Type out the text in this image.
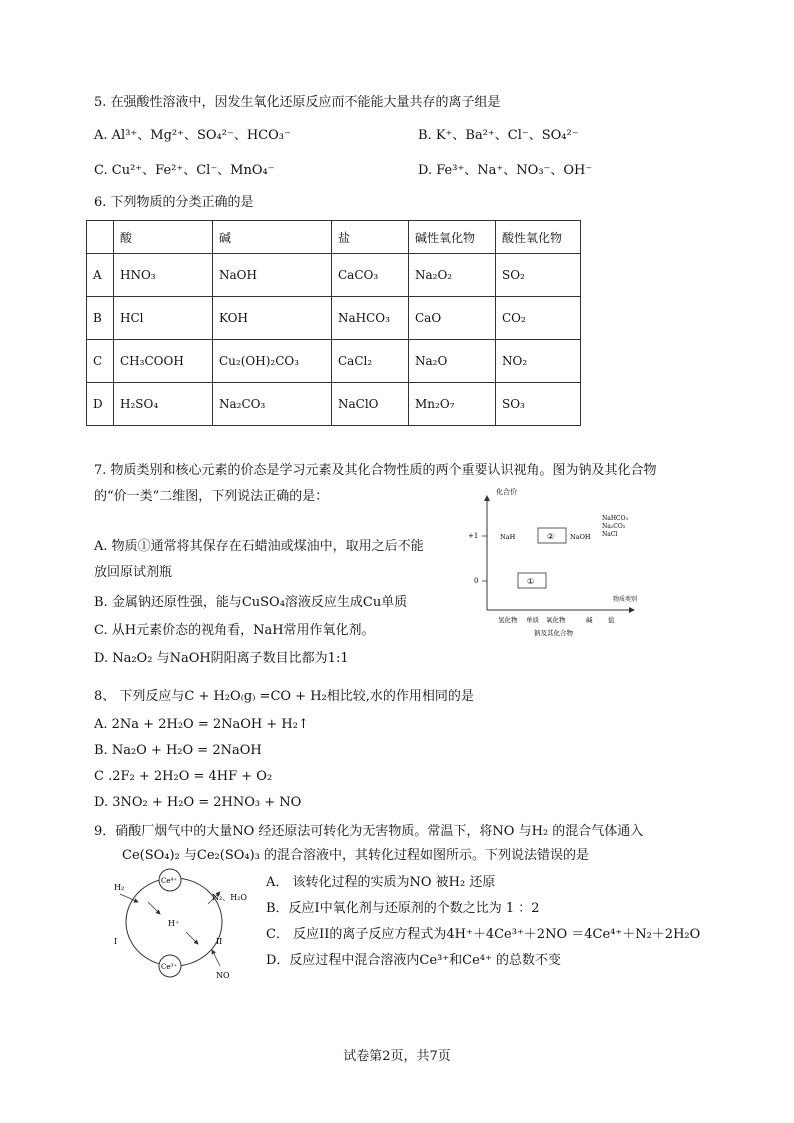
5. 在强酸性溶液中，因发生氧化还原反应而不能能大量共存的离子组是
A. Al³⁺、Mg²⁺、SO₄²⁻、HCO₃⁻	B. K⁺、Ba²⁺、Cl⁻、SO₄²⁻
C. Cu²⁺、Fe²⁺、Cl⁻、MnO₄⁻	D. Fe³⁺、Na⁺、NO₃⁻、OH⁻
6. 下列物质的分类正确的是
	酸	碱	盐	碱性氧化物	酸性氧化物
A	HNO₃	NaOH	CaCO₃	Na₂O₂	SO₂
B	HCl	KOH	NaHCO₃	CaO	CO₂
C	CH₃COOH	Cu₂(OH)₂CO₃	CaCl₂	Na₂O	NO₂
D	H₂SO₄	Na₂CO₃	NaClO	Mn₂O₇	SO₃
7. 物质类别和核心元素的价态是学习元素及其化合物性质的两个重要认识视角。图为钠及其化合物
的“价一类”二维图，下列说法正确的是：
A. 物质①通常将其保存在石蜡油或煤油中，取用之后不能
放回原试剂瓶
B. 金属钠还原性强，能与CuSO₄溶液反应生成Cu单质
C. 从H元素价态的视角看，NaH常用作氧化剂。
D. Na₂O₂ 与NaOH阴阳离子数目比都为1:1
化合价
+1
0
NaH	② NaOH
NaHCO₃
Na₂CO₃
NaCl
①
氢化物 单质 氧化物	碱 盐
物质类别
钠及其化合物
8、 下列反应与C + H₂O₍g₎ =CO + H₂相比较,水的作用相同的是
A. 2Na + 2H₂O = 2NaOH + H₂↑
B. Na₂O + H₂O = 2NaOH
C .2F₂ + 2H₂O = 4HF + O₂
D. 3NO₂ + H₂O = 2HNO₃ + NO
9．硝酸厂烟气中的大量NO 经还原法可转化为无害物质。常温下，将NO 与H₂ 的混合气体通入
Ce(SO₄)₂ 与Ce₂(SO₄)₃ 的混合溶液中，其转化过程如图所示。下列说法错误的是
Ce⁴⁺
Ce³⁺
H₂
H⁺
N₂、H₂O
I	II
NO
A． 该转化过程的实质为NO 被H₂ 还原
B．反应I中氧化剂与还原剂的个数之比为 1 ：2
C． 反应II的离子反应方程式为4H⁺＋4Ce³⁺＋2NO ＝4Ce⁴⁺＋N₂＋2H₂O
D．反应过程中混合溶液内Ce³⁺和Ce⁴⁺ 的总数不变
试卷第2页，共7页
